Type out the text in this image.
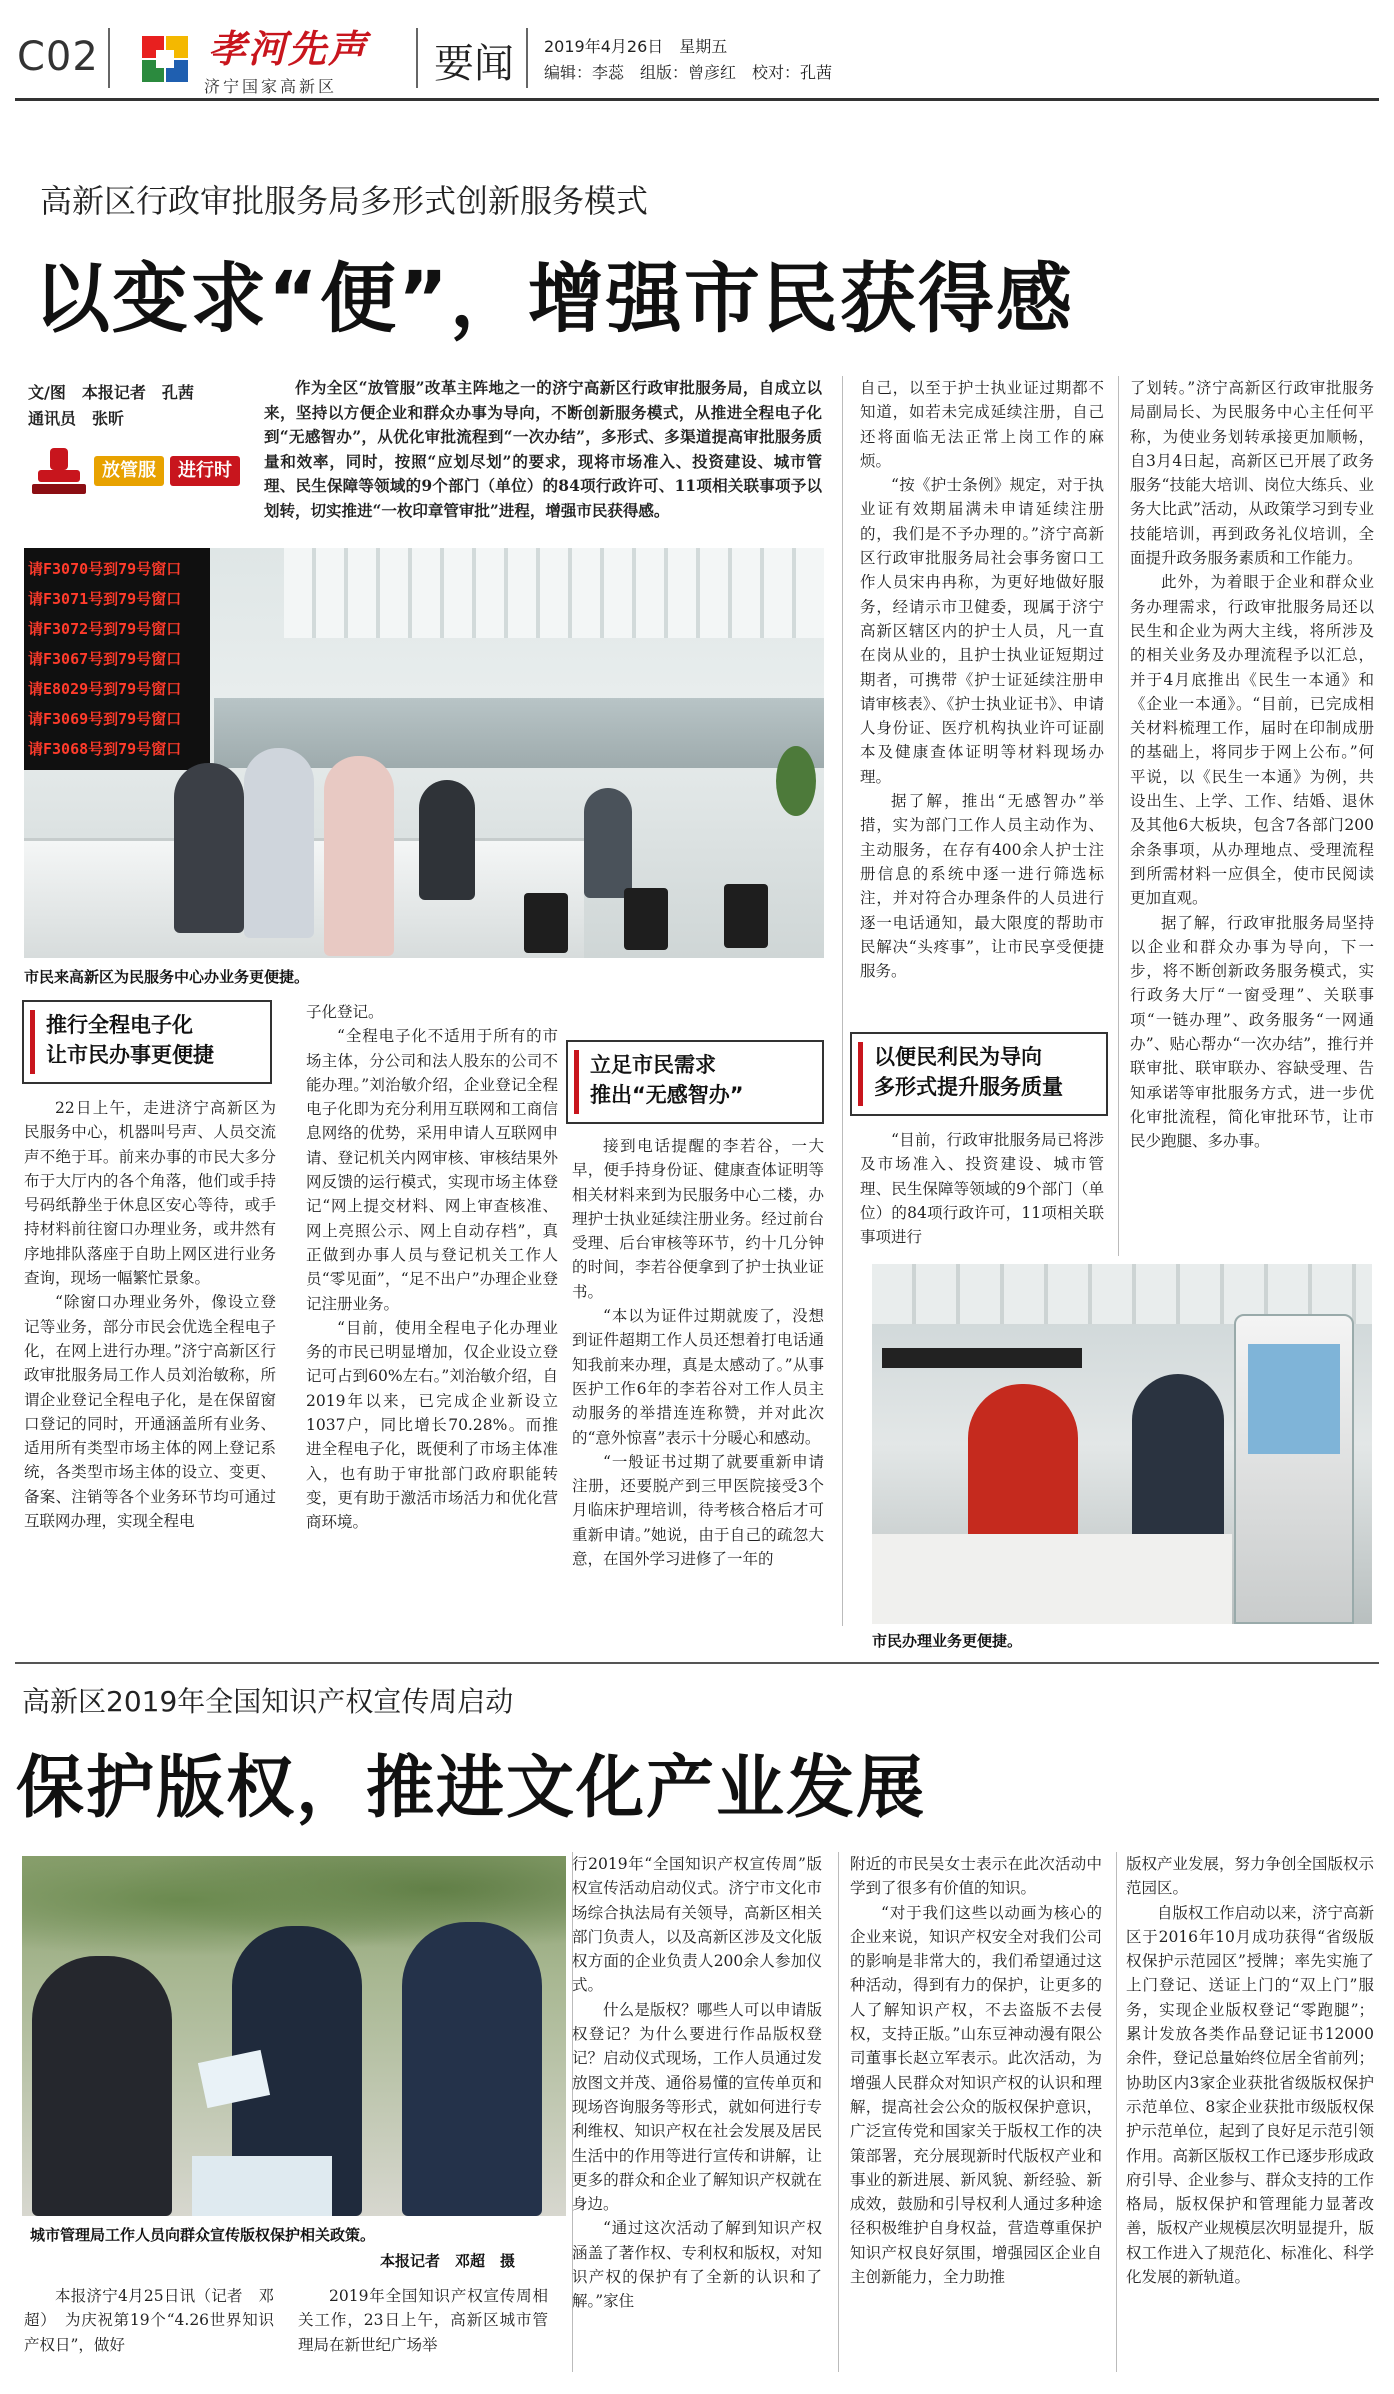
C02	孝河先声
济宁国家高新区 要闻 2019年4月26日　星期五
编辑：李蕊　组版：曾彦红　校对：孔茜
高新区行政审批服务局多形式创新服务模式
以变求“便”，增强市民获得感
文/图　本报记者　孔茜
通讯员　张昕
放管服	进行时

作为全区“放管服”改革主阵地之一的济宁高新区行政审批服务局，自成立以来，坚持以方便企业和群众办事为导向，不断创新服务模式，从推进全程电子化到“无感智办”，从优化审批流程到“一次办结”，多形式、多渠道提高审批服务质量和效率，同时，按照“应划尽划”的要求，现将市场准入、投资建设、城市管理、民生保障等领域的9个部门（单位）的84项行政许可、11项相关联事项予以划转，切实推进“一枚印章管审批”进程，增强市民获得感。

请F3070号到79号窗口
请F3071号到79号窗口
请F3072号到79号窗口
请F3067号到79号窗口
请E8029号到79号窗口
请F3069号到79号窗口
请F3068号到79号窗口
市民来高新区为民服务中心办业务更便捷。
推行全程电子化
让市民办事更便捷

22日上午，走进济宁高新区为民服务中心，机器叫号声、人员交流声不绝于耳。前来办事的市民大多分布于大厅内的各个角落，他们或手持号码纸静坐于休息区安心等待，或手持材料前往窗口办理业务，或井然有序地排队落座于自助上网区进行业务查询，现场一幅繁忙景象。

“除窗口办理业务外，像设立登记等业务，部分市民会优选全程电子化，在网上进行办理。”济宁高新区行政审批服务局工作人员刘治敏称，所谓企业登记全程电子化，是在保留窗口登记的同时，开通涵盖所有业务、适用所有类型市场主体的网上登记系统，各类型市场主体的设立、变更、备案、注销等各个业务环节均可通过互联网办理，实现全程电

子化登记。

“全程电子化不适用于所有的市场主体，分公司和法人股东的公司不能办理。”刘治敏介绍，企业登记全程电子化即为充分利用互联网和工商信息网络的优势，采用申请人互联网申请、登记机关内网审核、审核结果外网反馈的运行模式，实现市场主体登记“网上提交材料、网上审查核准、网上亮照公示、网上自动存档”，真正做到办事人员与登记机关工作人员“零见面”，“足不出户”办理企业登记注册业务。

“目前，使用全程电子化办理业务的市民已明显增加，仅企业设立登记可占到60%左右。”刘治敏介绍，自2019年以来，已完成企业新设立1037户，同比增长70.28%。而推进全程电子化，既便利了市场主体准入，也有助于审批部门政府职能转变，更有助于激活市场活力和优化营商环境。

立足市民需求
推出“无感智办”

接到电话提醒的李若谷，一大早，便手持身份证、健康查体证明等相关材料来到为民服务中心二楼，办理护士执业延续注册业务。经过前台受理、后台审核等环节，约十几分钟的时间，李若谷便拿到了护士执业证书。

“本以为证件过期就废了，没想到证件超期工作人员还想着打电话通知我前来办理，真是太感动了。”从事医护工作6年的李若谷对工作人员主动服务的举措连连称赞，并对此次的“意外惊喜”表示十分暖心和感动。

“一般证书过期了就要重新申请注册，还要脱产到三甲医院接受3个月临床护理培训，待考核合格后才可重新申请。”她说，由于自己的疏忽大意，在国外学习进修了一年的

自己，以至于护士执业证过期都不知道，如若未完成延续注册，自己还将面临无法正常上岗工作的麻烦。

“按《护士条例》规定，对于执业证有效期届满未申请延续注册的，我们是不予办理的。”济宁高新区行政审批服务局社会事务窗口工作人员宋冉冉称，为更好地做好服务，经请示市卫健委，现属于济宁高新区辖区内的护士人员，凡一直在岗从业的，且护士执业证短期过期者，可携带《护士证延续注册申请审核表》、《护士执业证书》、申请人身份证、医疗机构执业许可证副本及健康查体证明等材料现场办理。

据了解，推出“无感智办”举措，实为部门工作人员主动作为、主动服务，在存有400余人护士注册信息的系统中逐一进行筛选标注，并对符合办理条件的人员进行逐一电话通知，最大限度的帮助市民解决“头疼事”，让市民享受便捷服务。

以便民利民为导向
多形式提升服务质量

“目前，行政审批服务局已将涉及市场准入、投资建设、城市管理、民生保障等领域的9个部门（单位）的84项行政许可，11项相关联事项进行

了划转。”济宁高新区行政审批服务局副局长、为民服务中心主任何平称，为使业务划转承接更加顺畅，自3月4日起，高新区已开展了政务服务“技能大培训、岗位大练兵、业务大比武”活动，从政策学习到专业技能培训，再到政务礼仪培训，全面提升政务服务素质和工作能力。

此外，为着眼于企业和群众业务办理需求，行政审批服务局还以民生和企业为两大主线，将所涉及的相关业务及办理流程予以汇总，并于4月底推出《民生一本通》和《企业一本通》。“目前，已完成相关材料梳理工作，届时在印制成册的基础上，将同步于网上公布。”何平说，以《民生一本通》为例，共设出生、上学、工作、结婚、退休及其他6大板块，包含7各部门200余条事项，从办理地点、受理流程到所需材料一应俱全，使市民阅读更加直观。

据了解，行政审批服务局坚持以企业和群众办事为导向，下一步，将不断创新政务服务模式，实行政务大厅“一窗受理”、关联事项“一链办理”、政务服务“一网通办”、贴心帮办“一次办结”，推行并联审批、联审联办、容缺受理、告知承诺等审批服务方式，进一步优化审批流程，简化审批环节，让市民少跑腿、多办事。

市民办理业务更便捷。
高新区2019年全国知识产权宣传周启动
保护版权，推进文化产业发展
城市管理局工作人员向群众宣传版权保护相关政策。
本报记者　邓超　摄

本报济宁4月25日讯（记者　邓超）　为庆祝第19个“4.26世界知识产权日”，做好

2019年全国知识产权宣传周相关工作，23日上午，高新区城市管理局在新世纪广场举

行2019年“全国知识产权宣传周”版权宣传活动启动仪式。济宁市文化市场综合执法局有关领导，高新区相关部门负责人，以及高新区涉及文化版权方面的企业负责人200余人参加仪式。

什么是版权？哪些人可以申请版权登记？为什么要进行作品版权登记？启动仪式现场，工作人员通过发放图文并茂、通俗易懂的宣传单页和现场咨询服务等形式，就如何进行专利维权、知识产权在社会发展及居民生活中的作用等进行宣传和讲解，让更多的群众和企业了解知识产权就在身边。

“通过这次活动了解到知识产权涵盖了著作权、专利权和版权，对知识产权的保护有了全新的认识和了解。”家住

附近的市民吴女士表示在此次活动中学到了很多有价值的知识。

“对于我们这些以动画为核心的企业来说，知识产权安全对我们公司的影响是非常大的，我们希望通过这种活动，得到有力的保护，让更多的人了解知识产权，不去盗版不去侵权，支持正版。”山东豆神动漫有限公司董事长赵立军表示。此次活动，为增强人民群众对知识产权的认识和理解，提高社会公众的版权保护意识，广泛宣传党和国家关于版权工作的决策部署，充分展现新时代版权产业和事业的新进展、新风貌、新经验、新成效，鼓励和引导权利人通过多种途径积极维护自身权益，营造尊重保护知识产权良好氛围，增强园区企业自主创新能力，全力助推

版权产业发展，努力争创全国版权示范园区。

自版权工作启动以来，济宁高新区于2016年10月成功获得“省级版权保护示范园区”授牌；率先实施了上门登记、送证上门的“双上门”服务，实现企业版权登记“零跑腿”；累计发放各类作品登记证书12000余件，登记总量始终位居全省前列；协助区内3家企业获批省级版权保护示范单位、8家企业获批市级版权保护示范单位，起到了良好足示范引领作用。高新区版权工作已逐步形成政府引导、企业参与、群众支持的工作格局，版权保护和管理能力显著改善，版权产业规模层次明显提升，版权工作进入了规范化、标准化、科学化发展的新轨道。
